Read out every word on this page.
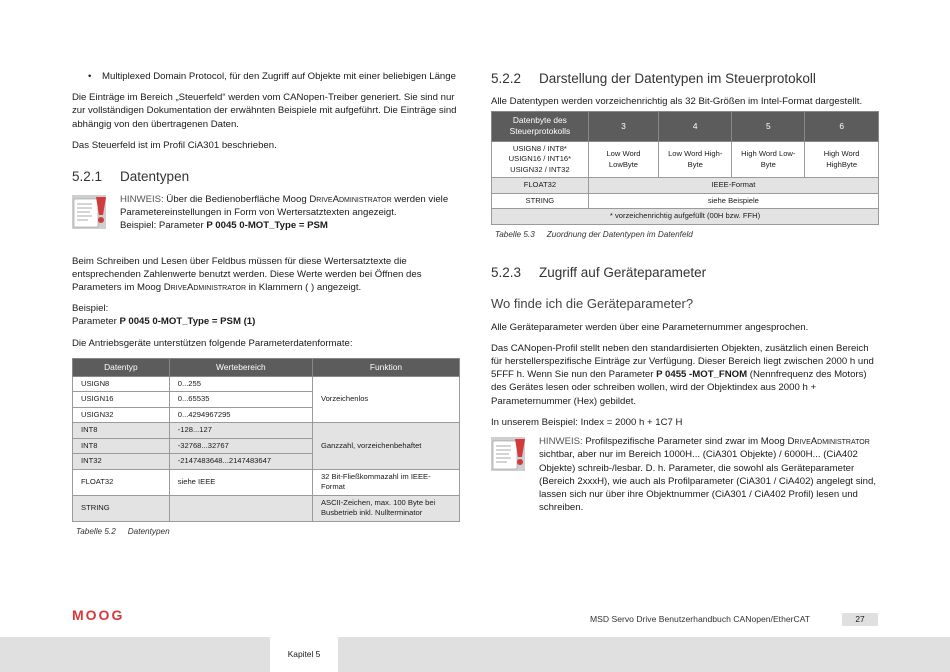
•	Multiplexed Domain Protocol, für den Zugriff auf Objekte mit einer beliebigen Länge

Die Einträge im Bereich „Steuerfeld“ werden vom CANopen-Treiber generiert. Sie sind nur zur vollständigen Dokumentation der erwähnten Beispiele mit aufgeführt. Die Einträge sind abhängig von den übertragenen Daten.

Das Steuerfeld ist im Profil CiA301 beschrieben.

5.2.1 Datentypen
HINWEIS: Über die Bedienoberfläche Moog DriveAdministrator werden viele Parametereinstellungen in Form von Wertersatztexten angezeigt.
Beispiel: Parameter P 0045 0-MOT_Type = PSM

Beim Schreiben und Lesen über Feldbus müssen für diese Wertersatztexte die entsprechenden Zahlenwerte benutzt werden. Diese Werte werden bei Öffnen des Parameters im Moog DriveAdministrator in Klammern ( ) angezeigt.

Beispiel:
Parameter P 0045 0-MOT_Type = PSM (1)

Die Antriebsgeräte unterstützen folgende Parameterdatenformate:

Datentyp	Wertebereich	Funktion
USIGN8	0...255	Vorzeichenlos
USIGN16	0...65535	
USIGN32	0...4294967295	
INT8	-128...127	Ganzzahl, vorzeichenbehaftet
INT8	-32768...32767	
INT32	-2147483648...2147483647	
FLOAT32	siehe IEEE	32 Bit-Fließkommazahl im IEEE-Format
STRING		ASCII-Zeichen, max. 100 Byte bei Busbetrieb inkl. Nullterminator
Tabelle 5.2 Datentypen
5.2.2 Darstellung der Datentypen im Steuerprotokoll

Alle Datentypen werden vorzeichenrichtig als 32 Bit-Größen im Intel-Format dargestellt.

Datenbyte des Steuerprotokolls	3	4	5	6
USIGN8 / INT8*
USIGN16 / INT16*
USIGN32 / INT32	Low Word LowByte	Low Word High-Byte	High Word Low-Byte	High Word HighByte
FLOAT32	IEEE-Format			
STRING	siehe Beispiele			
* vorzeichenrichtig aufgefüllt (00H bzw. FFH)				
Tabelle 5.3 Zuordnung der Datentypen im Datenfeld
5.2.3 Zugriff auf Geräteparameter
Wo finde ich die Geräteparameter?

Alle Geräteparameter werden über eine Parameternummer angesprochen.

Das CANopen-Profil stellt neben den standardisierten Objekten, zusätzlich einen Bereich für herstellerspezifische Einträge zur Verfügung. Dieser Bereich liegt zwischen 2000 h und 5FFF h. Wenn Sie nun den Parameter P 0455 -MOT_FNOM (Nennfrequenz des Motors) des Gerätes lesen oder schreiben wollen, wird der Objektindex aus 2000 h + Parameternummer (Hex) gebildet.

In unserem Beispiel: Index = 2000 h + 1C7 H

HINWEIS: Profilspezifische Parameter sind zwar im Moog DriveAdministrator sichtbar, aber nur im Bereich 1000H... (CiA301 Objekte) / 6000H... (CiA402 Objekte) schreib-/lesbar. D. h. Parameter, die sowohl als Geräteparameter (Bereich 2xxxH), wie auch als Profilparameter (CiA301 / CiA402) angelegt sind, lassen sich nur über ihre Objektnummer (CiA301 / CiA402 Profil) lesen und schreiben.
MOOG	MSD Servo Drive Benutzerhandbuch CANopen/EtherCAT	27
Kapitel 5
